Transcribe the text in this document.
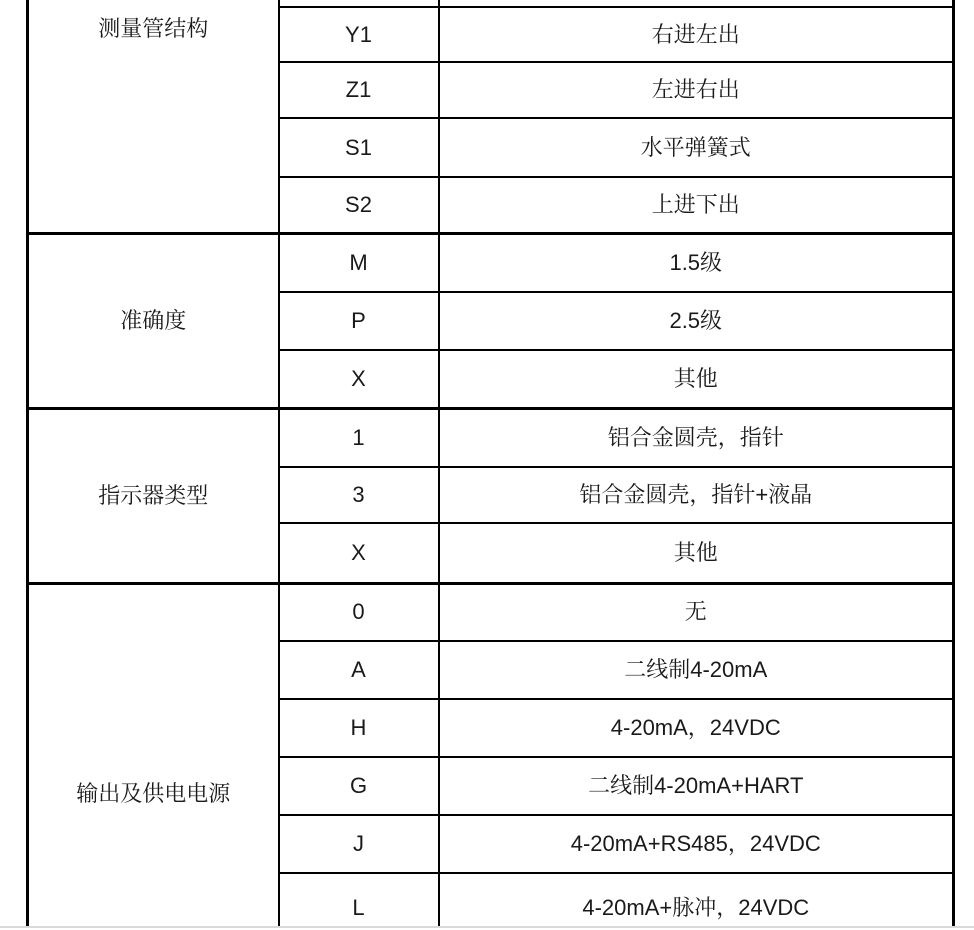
测量管结构		
	Y1	右进左出
	Z1	左进右出
	S1	水平弹簧式
	S2	上进下出
准确度	M	1.5级
	P	2.5级
	X	其他
指示器类型	1	铝合金圆壳，指针
	3	铝合金圆壳，指针+液晶
	X	其他
输出及供电电源	0	无
	A	二线制4-20mA
	H	4-20mA，24VDC
	G	二线制4-20mA+HART
	J	4-20mA+RS485，24VDC
	L	4-20mA+脉冲，24VDC
